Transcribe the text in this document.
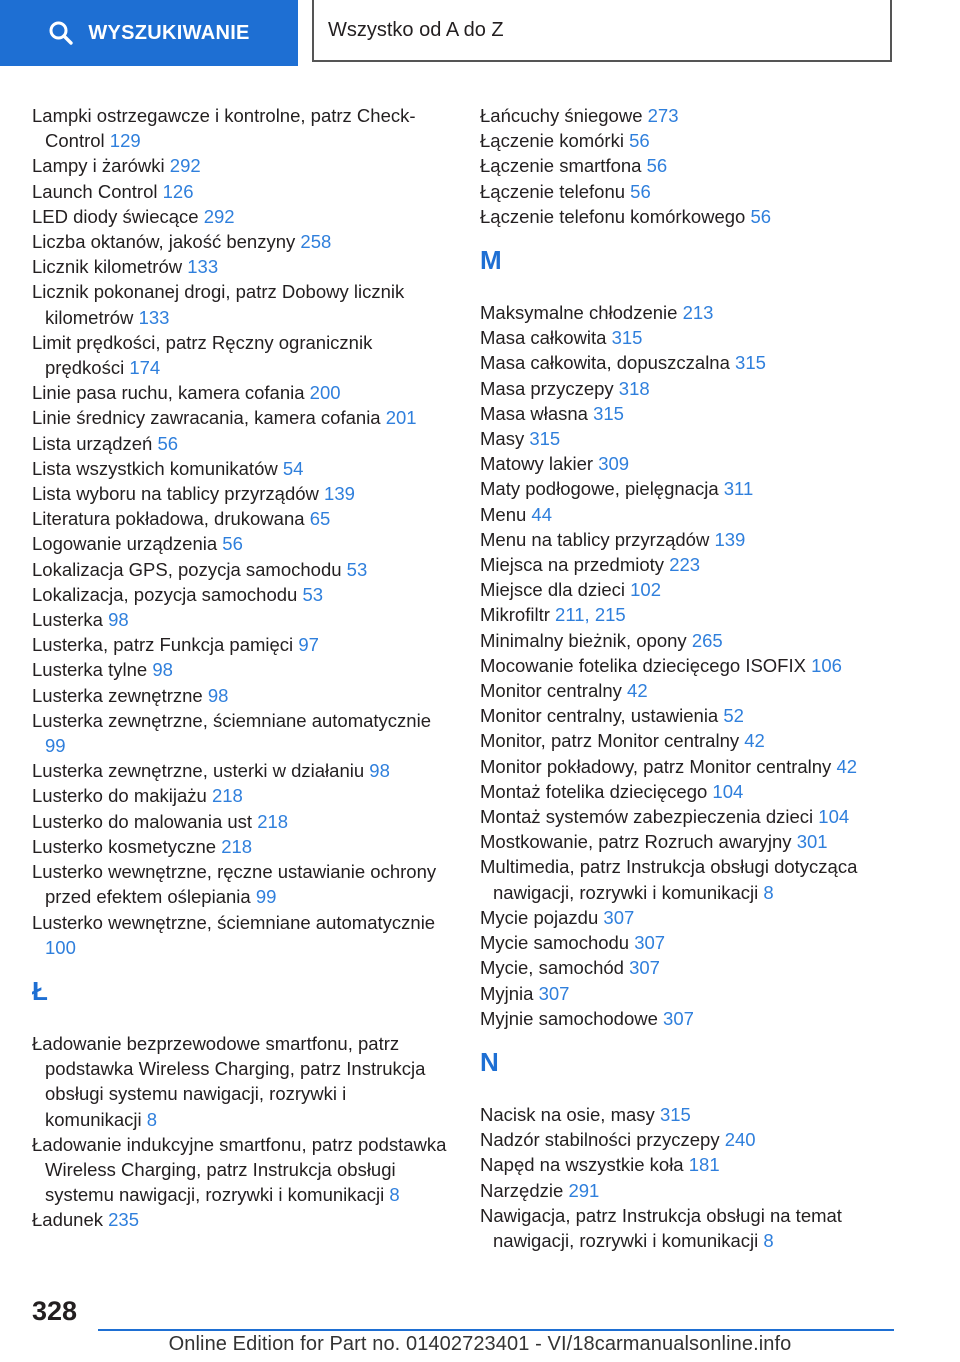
WYSZUKIWANIE	Wszystko od A do Z
Lampki ostrzegawcze i kontrolne, patrz Check-Control 129
Lampy i żarówki 292
Launch Control 126
LED diody świecące 292
Liczba oktanów, jakość benzyny 258
Licznik kilometrów 133
Licznik pokonanej drogi, patrz Dobowy licznik kilometrów 133
Limit prędkości, patrz Ręczny ogranicznik prędkości 174
Linie pasa ruchu, kamera cofania 200
Linie średnicy zawracania, kamera cofania 201
Lista urządzeń 56
Lista wszystkich komunikatów 54
Lista wyboru na tablicy przyrządów 139
Literatura pokładowa, drukowana 65
Logowanie urządzenia 56
Lokalizacja GPS, pozycja samochodu 53
Lokalizacja, pozycja samochodu 53
Lusterka 98
Lusterka, patrz Funkcja pamięci 97
Lusterka tylne 98
Lusterka zewnętrzne 98
Lusterka zewnętrzne, ściemniane automatycznie 99
Lusterka zewnętrzne, usterki w działaniu 98
Lusterko do makijażu 218
Lusterko do malowania ust 218
Lusterko kosmetyczne 218
Lusterko wewnętrzne, ręczne ustawianie ochrony przed efektem oślepiania 99
Lusterko wewnętrzne, ściemniane automatycznie 100
Ł
Ładowanie bezprzewodowe smartfonu, patrz podstawka Wireless Charging, patrz Instrukcja obsługi systemu nawigacji, rozrywki i komunikacji 8
Ładowanie indukcyjne smartfonu, patrz podstawka Wireless Charging, patrz Instrukcja obsługi systemu nawigacji, rozrywki i komunikacji 8
Ładunek 235
Łańcuchy śniegowe 273
Łączenie komórki 56
Łączenie smartfona 56
Łączenie telefonu 56
Łączenie telefonu komórkowego 56
M
Maksymalne chłodzenie 213
Masa całkowita 315
Masa całkowita, dopuszczalna 315
Masa przyczepy 318
Masa własna 315
Masy 315
Matowy lakier 309
Maty podłogowe, pielęgnacja 311
Menu 44
Menu na tablicy przyrządów 139
Miejsca na przedmioty 223
Miejsce dla dzieci 102
Mikrofiltr 211, 215
Minimalny bieżnik, opony 265
Mocowanie fotelika dziecięcego ISOFIX 106
Monitor centralny 42
Monitor centralny, ustawienia 52
Monitor, patrz Monitor centralny 42
Monitor pokładowy, patrz Monitor centralny 42
Montaż fotelika dziecięcego 104
Montaż systemów zabezpieczenia dzieci 104
Mostkowanie, patrz Rozruch awaryjny 301
Multimedia, patrz Instrukcja obsługi dotycząca nawigacji, rozrywki i komunikacji 8
Mycie pojazdu 307
Mycie samochodu 307
Mycie, samochód 307
Myjnia 307
Myjnie samochodowe 307
N
Nacisk na osie, masy 315
Nadzór stabilności przyczepy 240
Napęd na wszystkie koła 181
Narzędzie 291
Nawigacja, patrz Instrukcja obsługi na temat nawigacji, rozrywki i komunikacji 8
328
Online Edition for Part no. 01402723401 - VI/18carmanualsonline.info
